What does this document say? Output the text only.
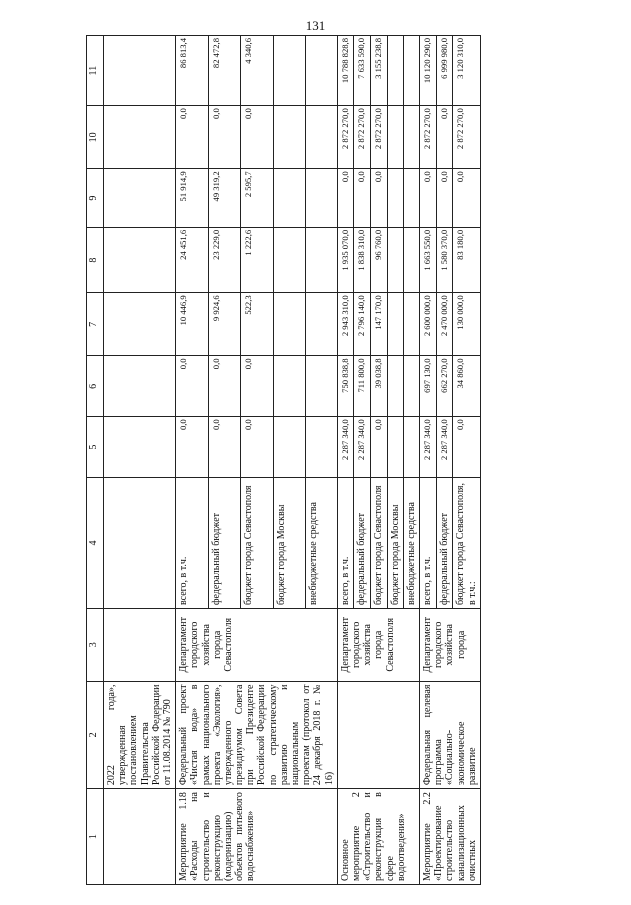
131
1	2	3	4	5	6	7	8	9	10	11
	2022 года», утвержденная постановлением Правительства Российской Федерации от 11.08.2014 № 790									
Мероприятие 1.18 «Расходы на строительство и реконструкцию (модернизацию) объектов питьевого водоснабжения»	Федеральный проект «Чистая вода» в рамках национального проекта «Экология», утвержденного президиумом Совета при Президенте Российской Федерации по стратегическому развитию и национальным проектам (протокол от 24 декабря 2018 г. № 16)	Департамент городского хозяйства города Севастополя	всего, в т.ч.	0,0	0,0	10 446,9	24 451,6	51 914,9	0,0	86 813,4
			федеральный бюджет	0,0	0,0	9 924,6	23 229,0	49 319,2	0,0	82 472,8
			бюджет города Севастополя	0,0	0,0	522,3	1 222,6	2 595,7	0,0	4 340,6
			бюджет города Москвы							
			внебюджетные средства							
Основное мероприятие 2 «Строительство и реконструкция в сфере водоотведения»		Департамент городского хозяйства города Севастополя	всего, в т.ч.	2 287 340,0	750 838,8	2 943 310,0	1 935 070,0	0,0	2 872 270,0	10 788 828,8
			федеральный бюджет	2 287 340,0	711 800,0	2 796 140,0	1 838 310,0	0,0	2 872 270,0	7 633 590,0
			бюджет города Севастополя	0,0	39 038,8	147 170,0	96 760,0	0,0	2 872 270,0	3 155 238,8
			бюджет города Москвы							
			внебюджетные средства							
Мероприятие 2.2 «Проектирование строительство канализационных очистных	Федеральная целевая программа «Социально-экономическое развитие	Департамент городского хозяйства города	всего, в т.ч.	2 287 340,0	697 130,0	2 600 000,0	1 663 550,0	0,0	2 872 270,0	10 120 290,0
			федеральный бюджет	2 287 340,0	662 270,0	2 470 000,0	1 580 370,0	0,0	0,0	6 999 980,0
			бюджет города Севастополя, в т.ч.:	0,0	34 860,0	130 000,0	83 180,0	0,0	2 872 270,0	3 120 310,0
